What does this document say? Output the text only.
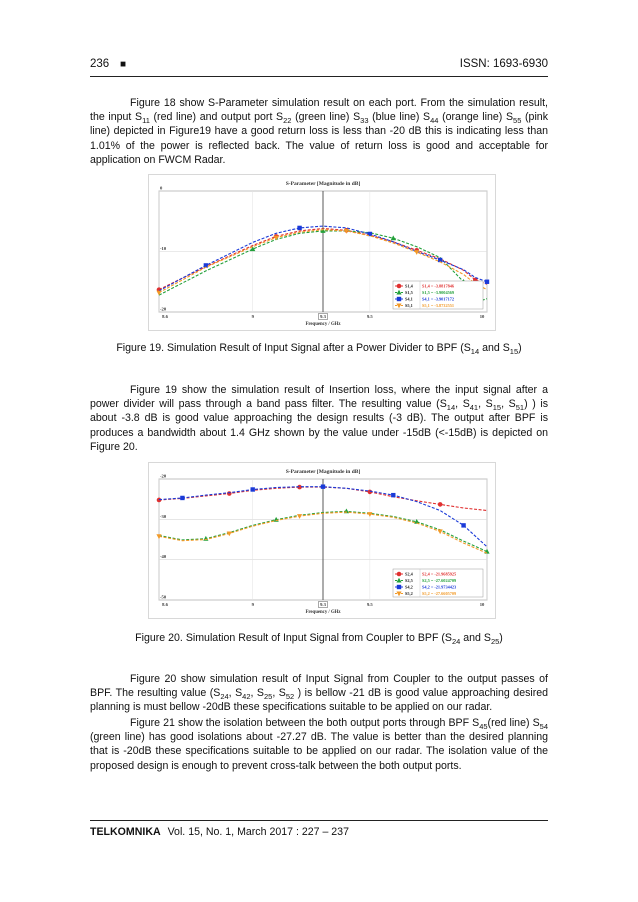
236 ■	ISSN: 1693-6930

Figure 18 show S-Parameter simulation result on each port. From the simulation result, the input $S_{11}$ (red line) and output port $S_{22}$ (green line) $S_{33}$ (blue line) $S_{44}$ (orange line) $S_{55}$ (pink line) depicted in Figure19 have a good return loss is less than -20 dB this is indicating less than 1.01% of the power is reflected back. The value of return loss is good and acceptable for application on FWCM Radar.

S-Parameter [Magnitude in dB]
0
-10
-20
8.6	9	9.3	9.5	10
Frequency / GHz
S1,4 S1,4 = -3.8817846
S1,5 S1,5 = -3.9004569
S4,1 S4,1 = -3.9017172
S5,1 S5,1 = -3.8732551
Figure 19. Simulation Result of Input Signal after a Power Divider to BPF ($S_{14}$ and $S_{15}$)

Figure 19 show the simulation result of Insertion loss, where the input signal after a power divider will pass through a band pass filter. The resulting value ($S_{14}$, $S_{41}$, $S_{15}$, $S_{51}$) ) is about -3.8 dB is good value approaching the design results (-3 dB). The output after BPF is produces a bandwidth about 1.4 GHz shown by the value under -15dB (<-15dB) is depicted on Figure 20.

S-Parameter [Magnitude in dB]
-20
-30
-40
-50
8.6	9	9.3	9.5	10
Frequency / GHz
S2,4 S2,4 = -21.9685925
S2,5 S2,5 = -27.6024709
S4,2 S4,2 = -21.9734423
S5,2 S5,2 = -27.6605709
Figure 20. Simulation Result of Input Signal from Coupler to BPF ($S_{24}$ and $S_{25}$)

Figure 20 show simulation result of Input Signal from Coupler to the output passes of BPF. The resulting value ($S_{24}$, $S_{42}$, $S_{25}$, $S_{52}$ ) is bellow -21 dB is good value approaching desired planning is must bellow -20dB these specifications suitable to be applied on our radar.

Figure 21 show the isolation between the both output ports through BPF $S_{45}(red$ line) $S_{54}$ (green line) has good isolations about -27.27 dB. The value is better than the desired planning that is -20dB these specifications suitable to be applied on our radar. The isolation value of the proposed design is enough to prevent cross-talk between the both output ports.

TELKOMNIKA Vol. 15, No. 1, March 2017 : 227 – 237
